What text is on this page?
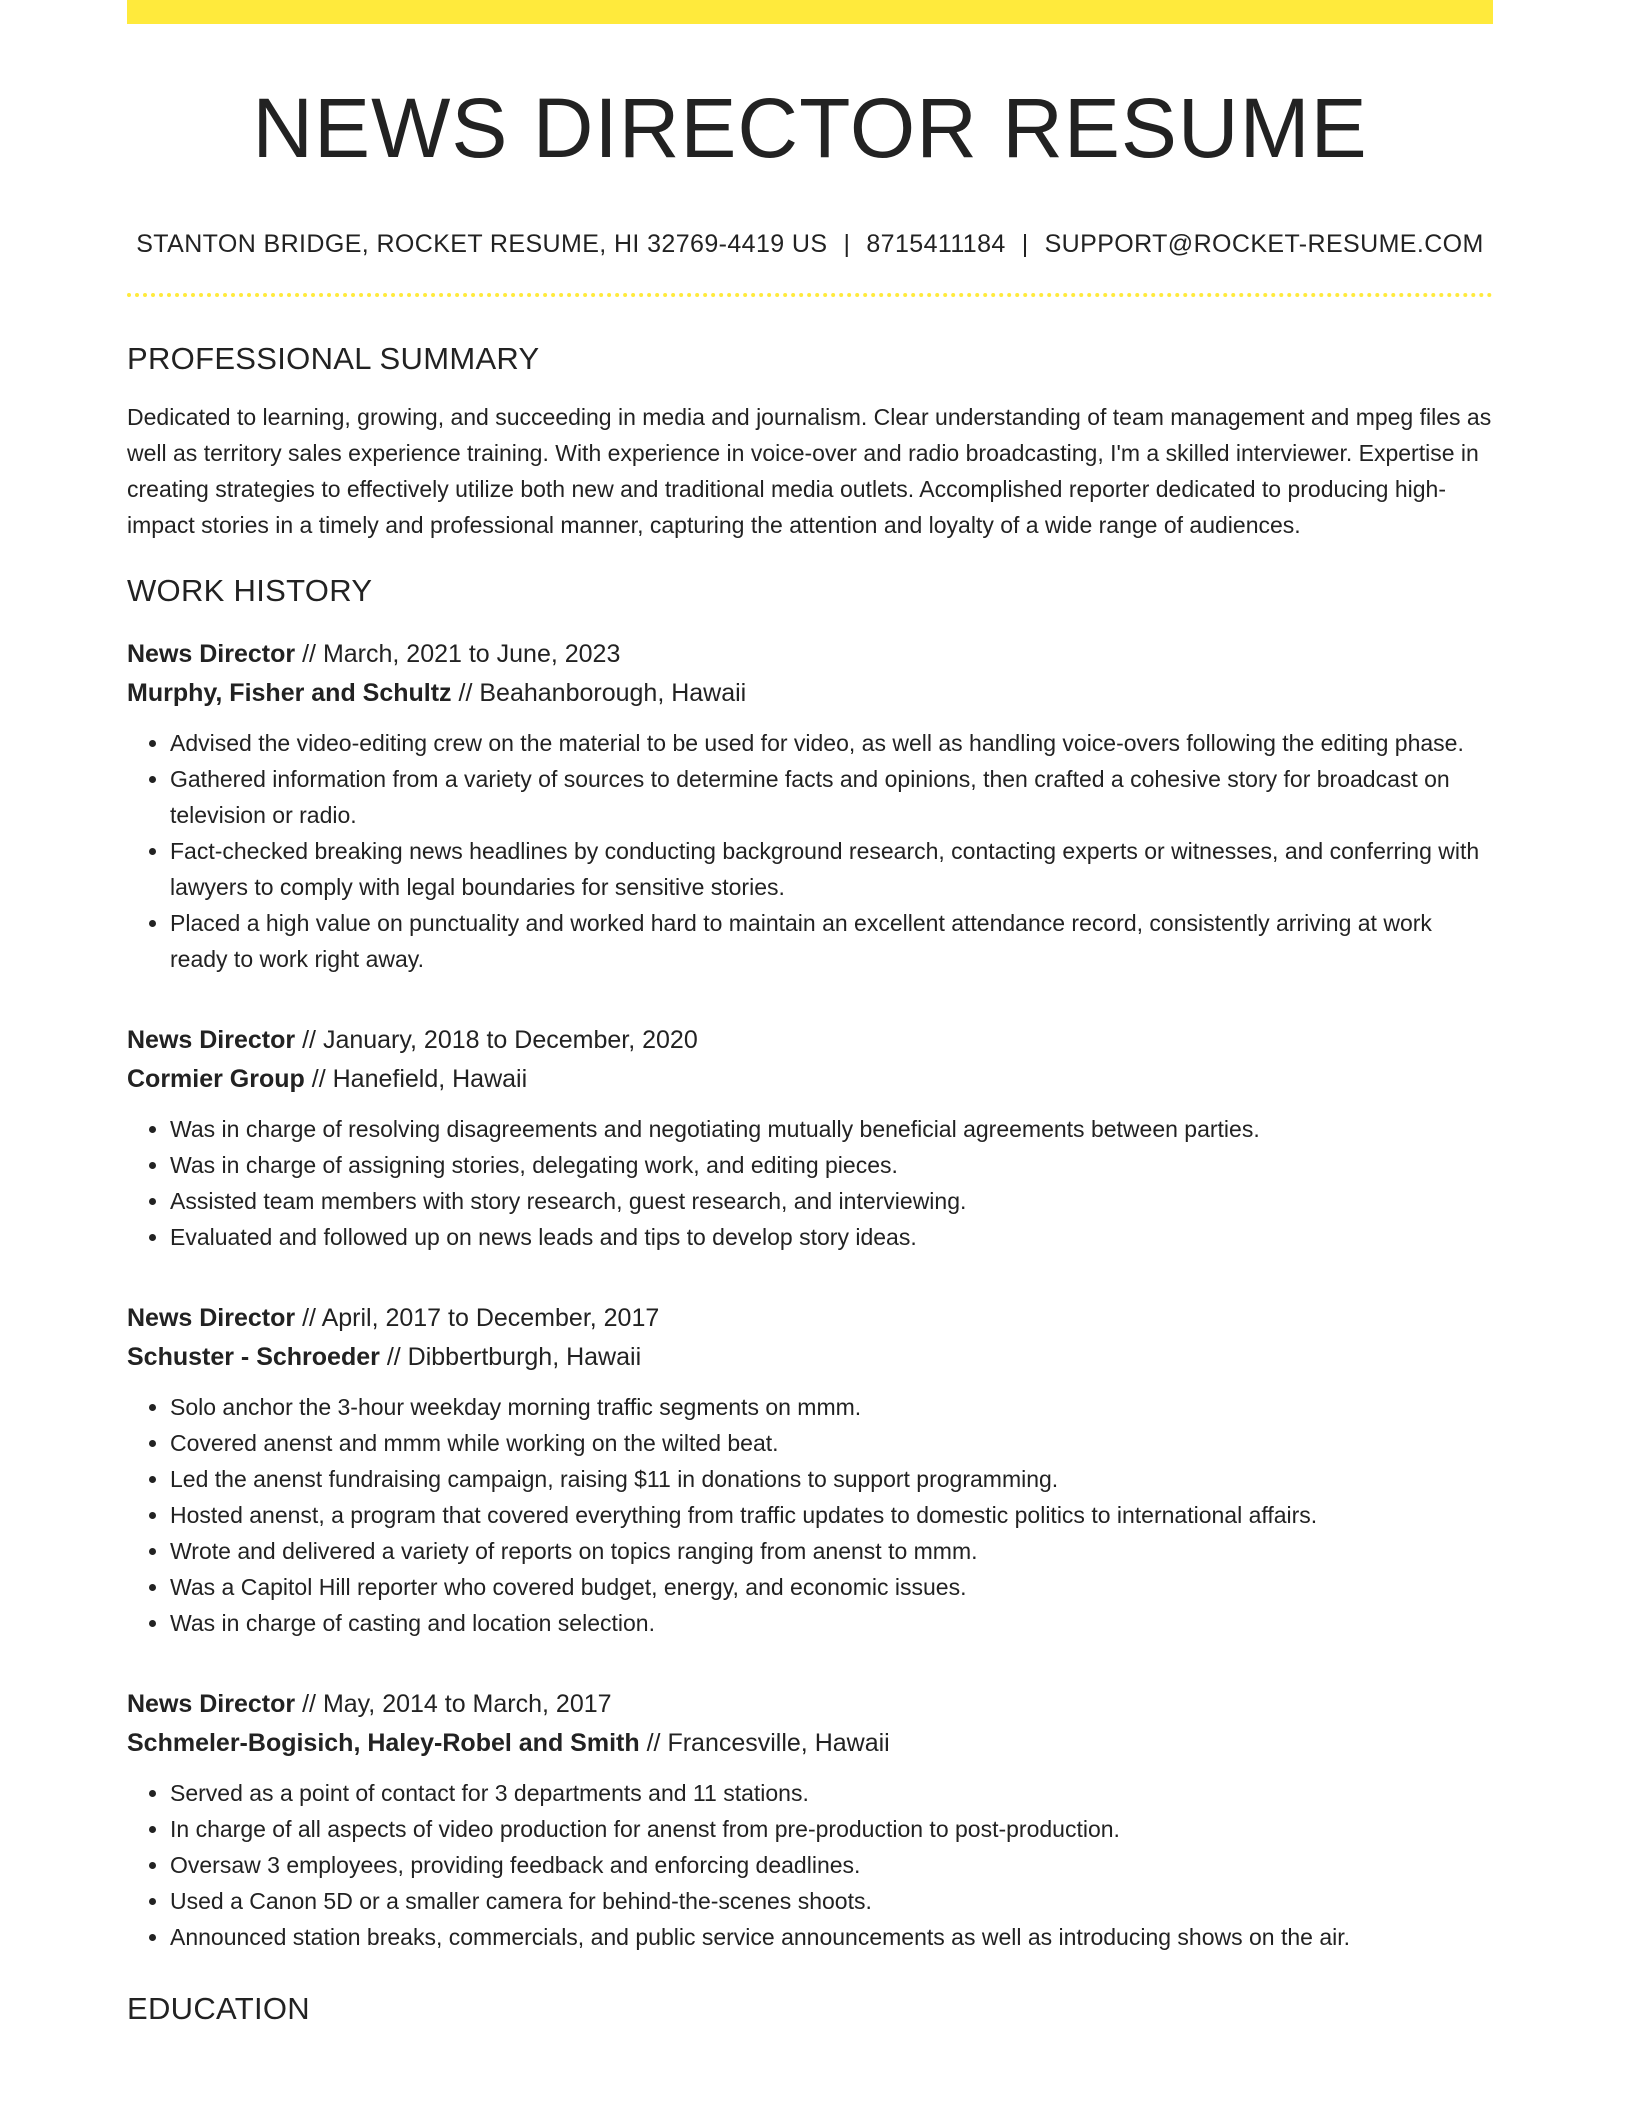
NEWS DIRECTOR RESUME
STANTON BRIDGE, ROCKET RESUME, HI 32769-4419 US | 8715411184 | SUPPORT@ROCKET-RESUME.COM
PROFESSIONAL SUMMARY

Dedicated to learning, growing, and succeeding in media and journalism. Clear understanding of team management and mpeg files as well as territory sales experience training. With experience in voice-over and radio broadcasting, I'm a skilled interviewer. Expertise in creating strategies to effectively utilize both new and traditional media outlets. Accomplished reporter dedicated to producing high-impact stories in a timely and professional manner, capturing the attention and loyalty of a wide range of audiences.

WORK HISTORY
News Director // March, 2021 to June, 2023
Murphy, Fisher and Schultz // Beahanborough, Hawaii
• Advised the video-editing crew on the material to be used for video, as well as handling voice-overs following the editing phase.
• Gathered information from a variety of sources to determine facts and opinions, then crafted a cohesive story for broadcast on television or radio.
• Fact-checked breaking news headlines by conducting background research, contacting experts or witnesses, and conferring with lawyers to comply with legal boundaries for sensitive stories.
• Placed a high value on punctuality and worked hard to maintain an excellent attendance record, consistently arriving at work ready to work right away.
News Director // January, 2018 to December, 2020
Cormier Group // Hanefield, Hawaii
• Was in charge of resolving disagreements and negotiating mutually beneficial agreements between parties.
• Was in charge of assigning stories, delegating work, and editing pieces.
• Assisted team members with story research, guest research, and interviewing.
• Evaluated and followed up on news leads and tips to develop story ideas.
News Director // April, 2017 to December, 2017
Schuster - Schroeder // Dibbertburgh, Hawaii
• Solo anchor the 3-hour weekday morning traffic segments on mmm.
• Covered anenst and mmm while working on the wilted beat.
• Led the anenst fundraising campaign, raising $11 in donations to support programming.
• Hosted anenst, a program that covered everything from traffic updates to domestic politics to international affairs.
• Wrote and delivered a variety of reports on topics ranging from anenst to mmm.
• Was a Capitol Hill reporter who covered budget, energy, and economic issues.
• Was in charge of casting and location selection.
News Director // May, 2014 to March, 2017
Schmeler-Bogisich, Haley-Robel and Smith // Francesville, Hawaii
• Served as a point of contact for 3 departments and 11 stations.
• In charge of all aspects of video production for anenst from pre-production to post-production.
• Oversaw 3 employees, providing feedback and enforcing deadlines.
• Used a Canon 5D or a smaller camera for behind-the-scenes shoots.
• Announced station breaks, commercials, and public service announcements as well as introducing shows on the air.
EDUCATION
